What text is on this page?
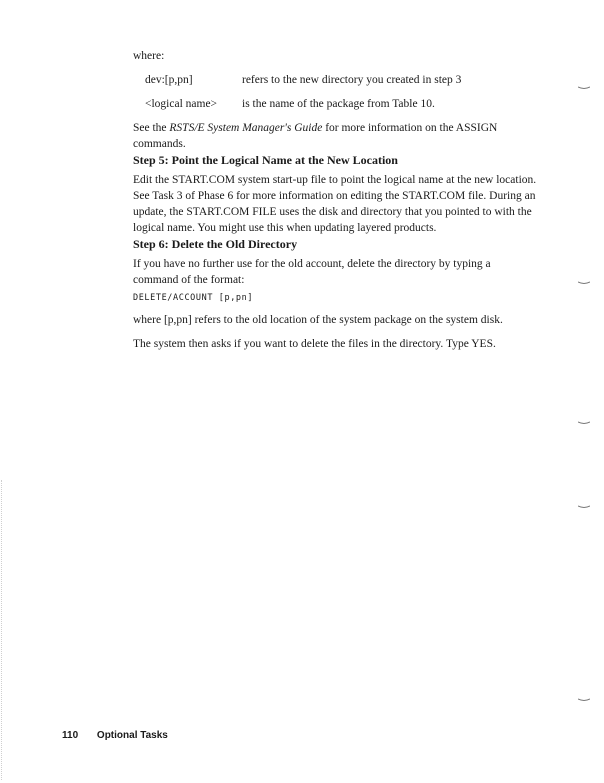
where:
dev:[p,pn]	refers to the new directory you created in step 3
<logical name> is the name of the package from Table 10.
See the RSTS/E System Manager's Guide for more information on the ASSIGN commands.
Step 5: Point the Logical Name at the New Location
Edit the START.COM system start-up file to point the logical name at the new location. See Task 3 of Phase 6 for more information on editing the START.COM file. During an update, the START.COM FILE uses the disk and directory that you pointed to with the logical name. You might use this when updating layered products.
Step 6: Delete the Old Directory
If you have no further use for the old account, delete the directory by typing a command of the format:
DELETE/ACCOUNT [p,pn]
where [p,pn] refers to the old location of the system package on the system disk.
The system then asks if you want to delete the files in the directory. Type YES.
110 Optional Tasks
